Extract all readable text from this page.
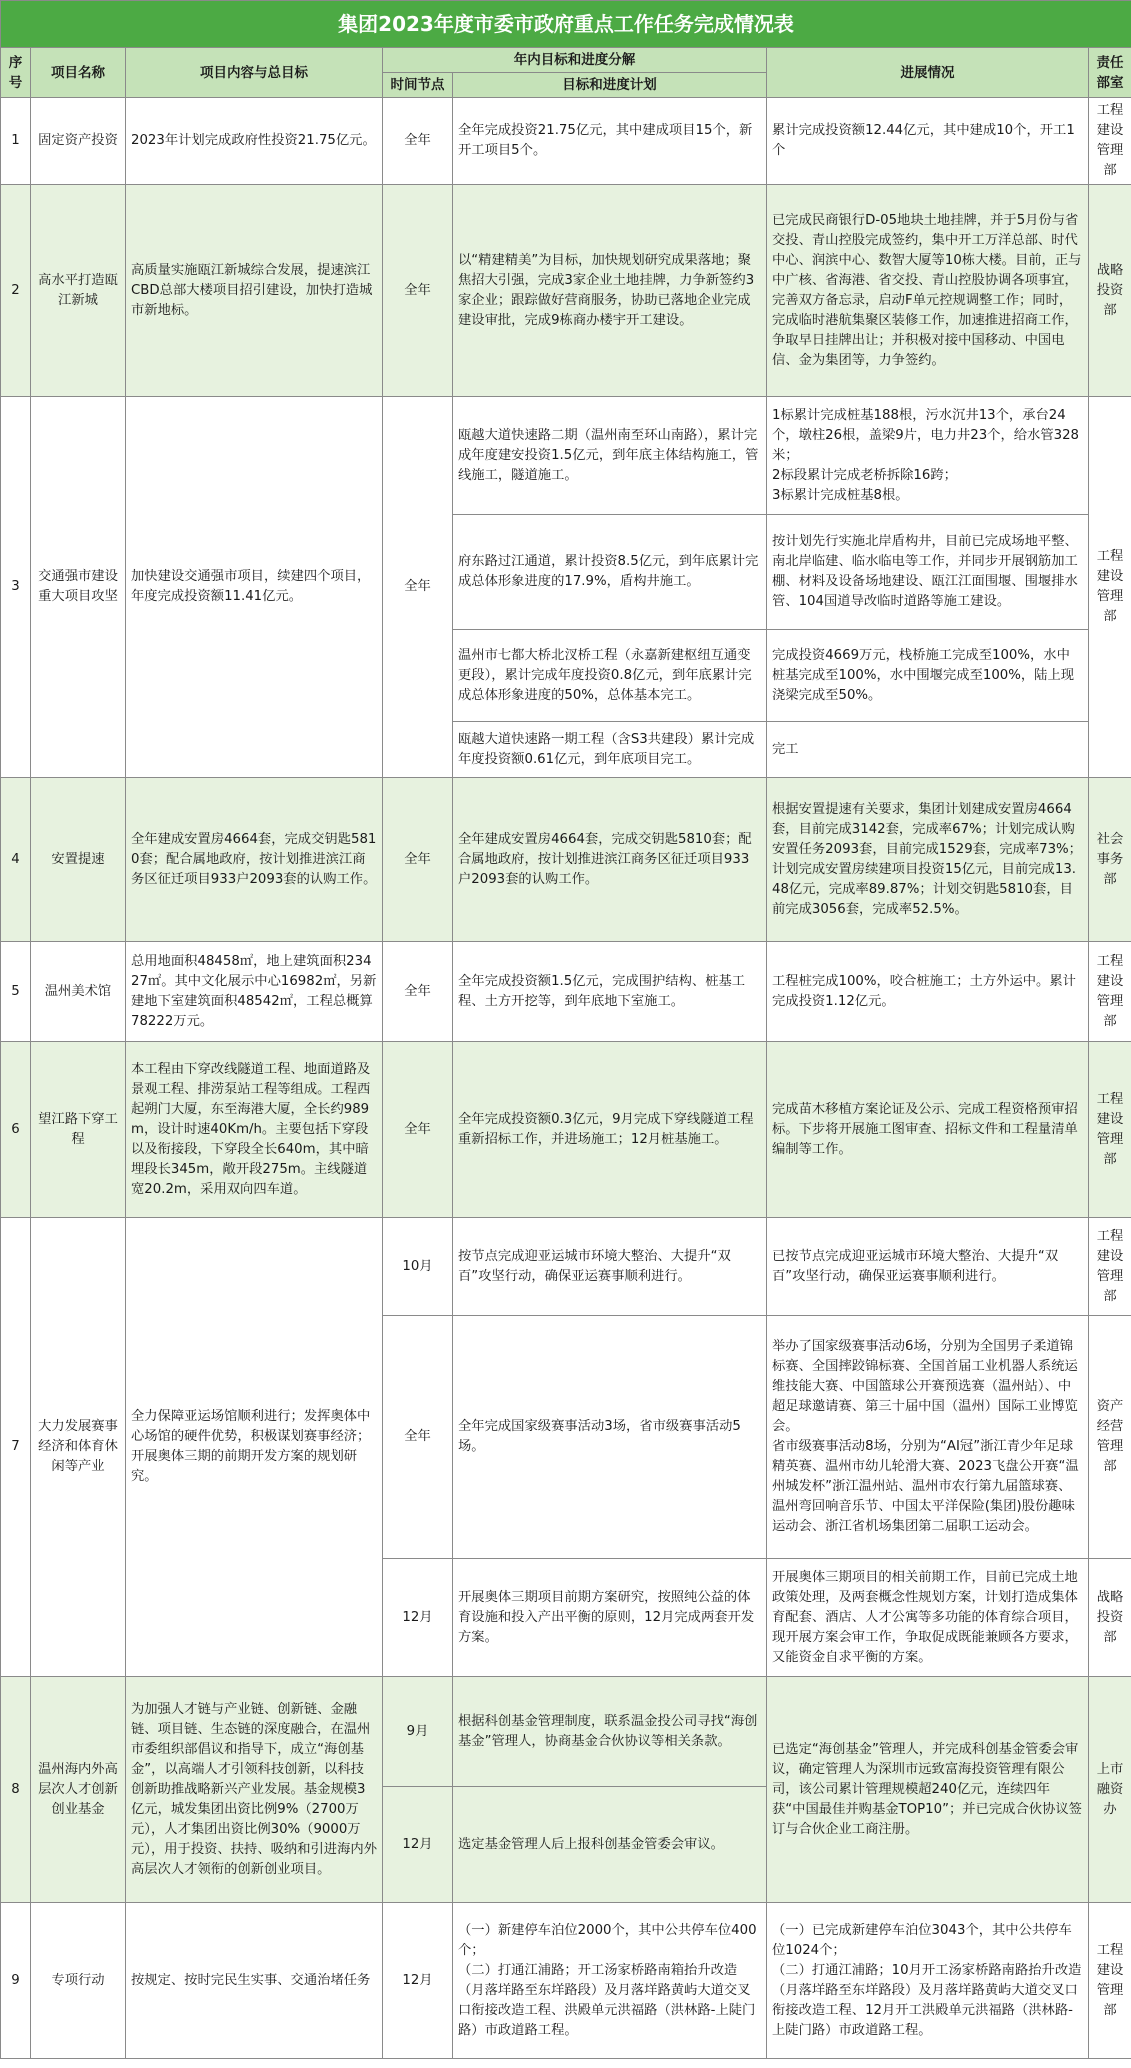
集团2023年度市委市政府重点工作任务完成情况表						
序号	项目名称	项目内容与总目标	年内目标和进度分解		进展情况	责任部室
			时间节点	目标和进度计划		
1	固定资产投资	2023年计划完成政府性投资21.75亿元。	全年	全年完成投资21.75亿元，其中建成项目15个，新开工项目5个。	累计完成投资额12.44亿元，其中建成10个，开工1个	工程建设管理部
2	高水平打造瓯江新城	高质量实施瓯江新城综合发展，提速滨江CBD总部大楼项目招引建设，加快打造城市新地标。	全年	以“精建精美”为目标，加快规划研究成果落地；聚焦招大引强，完成3家企业土地挂牌，力争新签约3家企业；跟踪做好营商服务，协助已落地企业完成建设审批，完成9栋商办楼宇开工建设。	已完成民商银行D-05地块土地挂牌，并于5月份与省交投、青山控股完成签约，集中开工万洋总部、时代中心、润滨中心、数智大厦等10栋大楼。目前，正与中广核、省海港、省交投、青山控股协调各项事宜，完善双方备忘录，启动F单元控规调整工作；同时，完成临时港航集聚区装修工作，加速推进招商工作，争取早日挂牌出让；并积极对接中国移动、中国电信、金为集团等，力争签约。	战略投资部
3	交通强市建设重大项目攻坚	加快建设交通强市项目，续建四个项目，年度完成投资额11.41亿元。	全年	瓯越大道快速路二期（温州南至环山南路），累计完成年度建安投资1.5亿元，到年底主体结构施工，管线施工，隧道施工。	1标累计完成桩基188根，污水沉井13个，承台24个，墩柱26根，盖梁9片，电力井23个，给水管328米；
2标段累计完成老桥拆除16跨；
3标累计完成桩基8根。	工程建设管理部
				府东路过江通道，累计投资8.5亿元，到年底累计完成总体形象进度的17.9%，盾构井施工。	按计划先行实施北岸盾构井，目前已完成场地平整、南北岸临建、临水临电等工作，并同步开展钢筋加工棚、材料及设备场地建设、瓯江江面围堰、围堰排水管、104国道导改临时道路等施工建设。	
				温州市七都大桥北汊桥工程（永嘉新建枢纽互通变更段），累计完成年度投资0.8亿元，到年底累计完成总体形象进度的50%，总体基本完工。	完成投资4669万元，栈桥施工完成至100%，水中桩基完成至100%，水中围堰完成至100%，陆上现浇梁完成至50%。	
				瓯越大道快速路一期工程（含S3共建段）累计完成年度投资额0.61亿元，到年底项目完工。	完工	
4	安置提速	全年建成安置房4664套，完成交钥匙5810套；配合属地政府，按计划推进滨江商务区征迁项目933户2093套的认购工作。	全年	全年建成安置房4664套，完成交钥匙5810套；配合属地政府，按计划推进滨江商务区征迁项目933户2093套的认购工作。	根据安置提速有关要求，集团计划建成安置房4664套，目前完成3142套，完成率67%；计划完成认购安置任务2093套，目前完成1529套，完成率73%；计划完成安置房续建项目投资15亿元，目前完成13.48亿元，完成率89.87%；计划交钥匙5810套，目前完成3056套，完成率52.5%。	社会事务部
5	温州美术馆	总用地面积48458㎡，地上建筑面积23427㎡。其中文化展示中心16982㎡，另新建地下室建筑面积48542㎡，工程总概算78222万元。	全年	全年完成投资额1.5亿元，完成围护结构、桩基工程、土方开挖等，到年底地下室施工。	工程桩完成100%，咬合桩施工；土方外运中。累计完成投资1.12亿元。	工程建设管理部
6	望江路下穿工程	本工程由下穿改线隧道工程、地面道路及景观工程、排涝泵站工程等组成。工程西起朔门大厦，东至海港大厦，全长约989m，设计时速40Km/h。主要包括下穿段以及衔接段，下穿段全长640m，其中暗埋段长345m，敞开段275m。主线隧道宽20.2m，采用双向四车道。	全年	全年完成投资额0.3亿元，9月完成下穿线隧道工程重新招标工作，并进场施工；12月桩基施工。	完成苗木移植方案论证及公示、完成工程资格预审招标。下步将开展施工图审查、招标文件和工程量清单编制等工作。	工程建设管理部
7	大力发展赛事经济和体育休闲等产业	全力保障亚运场馆顺利进行；发挥奥体中心场馆的硬件优势，积极谋划赛事经济；开展奥体三期的前期开发方案的规划研究。	10月	按节点完成迎亚运城市环境大整治、大提升“双百”攻坚行动，确保亚运赛事顺利进行。	已按节点完成迎亚运城市环境大整治、大提升“双百”攻坚行动，确保亚运赛事顺利进行。	工程建设管理部
			全年	全年完成国家级赛事活动3场，省市级赛事活动5场。	举办了国家级赛事活动6场，分别为全国男子柔道锦标赛、全国摔跤锦标赛、全国首届工业机器人系统运维技能大赛、中国篮球公开赛预选赛（温州站）、中超足球邀请赛、第三十届中国（温州）国际工业博览会。
省市级赛事活动8场，分别为“AI冠”浙江青少年足球精英赛、温州市幼儿轮滑大赛、2023飞盘公开赛“温州城发杯”浙江温州站、温州市农行第九届篮球赛、温州弯回响音乐节、中国太平洋保险(集团)股份趣味运动会、浙江省机场集团第二届职工运动会。	资产经营管理部
			12月	开展奥体三期项目前期方案研究，按照纯公益的体育设施和投入产出平衡的原则，12月完成两套开发方案。	开展奥体三期项目的相关前期工作，目前已完成土地政策处理，及两套概念性规划方案，计划打造成集体育配套、酒店、人才公寓等多功能的体育综合项目，现开展方案会审工作，争取促成既能兼顾各方要求，又能资金自求平衡的方案。	战略投资部
8	温州海内外高层次人才创新创业基金	为加强人才链与产业链、创新链、金融链、项目链、生态链的深度融合，在温州市委组织部倡议和指导下，成立“海创基金”，以高端人才引领科技创新，以科技创新助推战略新兴产业发展。基金规模3亿元，城发集团出资比例9%（2700万元），人才集团出资比例30%（9000万元），用于投资、扶持、吸纳和引进海内外高层次人才领衔的创新创业项目。	9月	根据科创基金管理制度，联系温金投公司寻找“海创基金”管理人，协商基金合伙协议等相关条款。	已选定“海创基金”管理人，并完成科创基金管委会审议，确定管理人为深圳市远致富海投资管理有限公司，该公司累计管理规模超240亿元，连续四年获“中国最佳并购基金TOP10”；并已完成合伙协议签订与合伙企业工商注册。	上市融资办
			12月	选定基金管理人后上报科创基金管委会审议。		
9	专项行动	按规定、按时完民生实事、交通治堵任务	12月	（一）新建停车泊位2000个，其中公共停车位400个；
（二）打通江浦路；开工汤家桥路南箱抬升改造（月落垟路至东垟路段）及月落垟路黄屿大道交叉口衔接改造工程、洪殿单元洪福路（洪林路-上陡门路）市政道路工程。	（一）已完成新建停车泊位3043个，其中公共停车位1024个；
（二）打通江浦路；10月开工汤家桥路南路抬升改造（月落垟路至东垟路段）及月落垟路黄屿大道交叉口衔接改造工程、12月开工洪殿单元洪福路（洪林路-上陡门路）市政道路工程。	工程建设管理部
